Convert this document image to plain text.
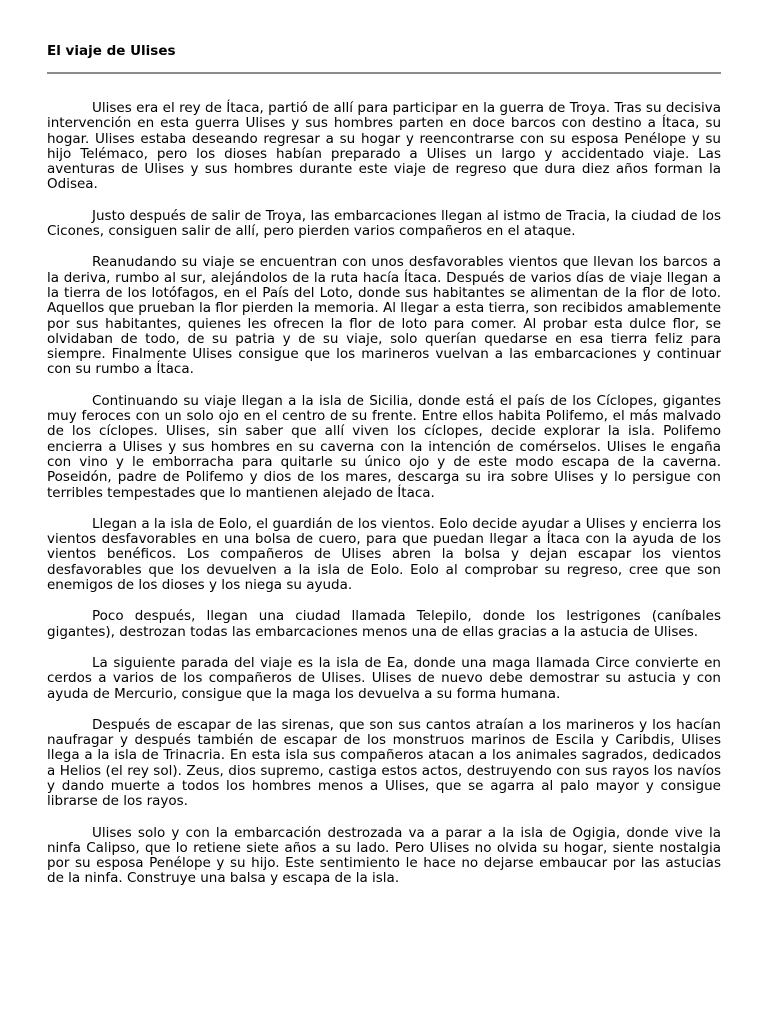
El viaje de Ulises

Ulises era el rey de Ítaca, partió de allí para participar en la guerra de Troya. Tras su decisiva intervención en esta guerra Ulises y sus hombres parten en doce barcos con destino a Ítaca, su hogar. Ulises estaba deseando regresar a su hogar y reencontrarse con su esposa Penélope y su hijo Telémaco, pero los dioses habían preparado a Ulises un largo y accidentado viaje. Las aventuras de Ulises y sus hombres durante este viaje de regreso que dura diez años forman la Odisea.

Justo después de salir de Troya, las embarcaciones llegan al istmo de Tracia, la ciudad de los Cicones, consiguen salir de allí, pero pierden varios compañeros en el ataque.

Reanudando su viaje se encuentran con unos desfavorables vientos que llevan los barcos a la deriva, rumbo al sur, alejándolos de la ruta hacía Ítaca. Después de varios días de viaje llegan a la tierra de los lotófagos, en el País del Loto, donde sus habitantes se alimentan de la flor de loto. Aquellos que prueban la flor pierden la memoria. Al llegar a esta tierra, son recibidos amablemente por sus habitantes, quienes les ofrecen la flor de loto para comer. Al probar esta dulce flor, se olvidaban de todo, de su patria y de su viaje, solo querían quedarse en esa tierra feliz para siempre. Finalmente Ulises consigue que los marineros vuelvan a las embarcaciones y continuar con su rumbo a Ítaca.

Continuando su viaje llegan a la isla de Sicilia, donde está el país de los Cíclopes, gigantes muy feroces con un solo ojo en el centro de su frente. Entre ellos habita Polifemo, el más malvado de los cíclopes. Ulises, sin saber que allí viven los cíclopes, decide explorar la isla. Polifemo encierra a Ulises y sus hombres en su caverna con la intención de comérselos. Ulises le engaña con vino y le emborracha para quitarle su único ojo y de este modo escapa de la caverna. Poseidón, padre de Polifemo y dios de los mares, descarga su ira sobre Ulises y lo persigue con terribles tempestades que lo mantienen alejado de Ítaca.

Llegan a la isla de Eolo, el guardián de los vientos. Eolo decide ayudar a Ulises y encierra los vientos desfavorables en una bolsa de cuero, para que puedan llegar a Ítaca con la ayuda de los vientos benéficos. Los compañeros de Ulises abren la bolsa y dejan escapar los vientos desfavorables que los devuelven a la isla de Eolo. Eolo al comprobar su regreso, cree que son enemigos de los dioses y los niega su ayuda.

Poco después, llegan una ciudad llamada Telepilo, donde los lestrigones (caníbales gigantes), destrozan todas las embarcaciones menos una de ellas gracias a la astucia de Ulises.

La siguiente parada del viaje es la isla de Ea, donde una maga llamada Circe convierte en cerdos a varios de los compañeros de Ulises. Ulises de nuevo debe demostrar su astucia y con ayuda de Mercurio, consigue que la maga los devuelva a su forma humana.

Después de escapar de las sirenas, que son sus cantos atraían a los marineros y los hacían naufragar y después también de escapar de los monstruos marinos de Escila y Caribdis, Ulises llega a la isla de Trinacria. En esta isla sus compañeros atacan a los animales sagrados, dedicados a Helios (el rey sol). Zeus, dios supremo, castiga estos actos, destruyendo con sus rayos los navíos y dando muerte a todos los hombres menos a Ulises, que se agarra al palo mayor y consigue librarse de los rayos.

Ulises solo y con la embarcación destrozada va a parar a la isla de Ogigia, donde vive la ninfa Calipso, que lo retiene siete años a su lado. Pero Ulises no olvida su hogar, siente nostalgia por su esposa Penélope y su hijo. Este sentimiento le hace no dejarse embaucar por las astucias de la ninfa. Construye una balsa y escapa de la isla.
